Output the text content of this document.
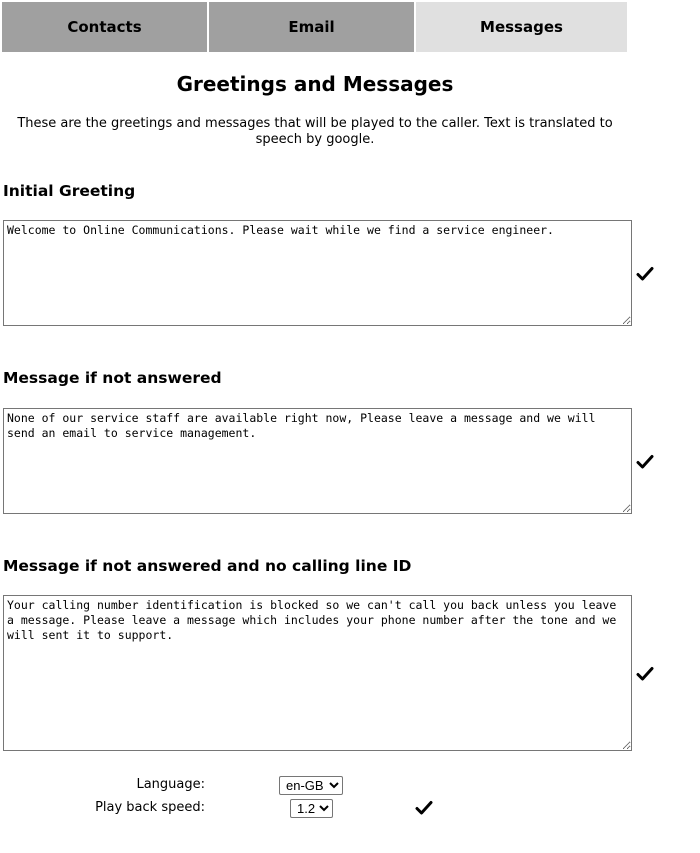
Contacts	Email	Messages
Greetings and Messages
These are the greetings and messages that will be played to the caller. Text is translated to speech by google.
Initial Greeting
Welcome to Online Communications. Please wait while we find a service engineer.
Message if not answered
None of our service staff are available right now, Please leave a message and we will send an email to service management.
Message if not answered and no calling line ID
Your calling number identification is blocked so we can't call you back unless you leave a message. Please leave a message which includes your phone number after the tone and we will sent it to support.
Language:
en-GB
Play back speed:
1.2
